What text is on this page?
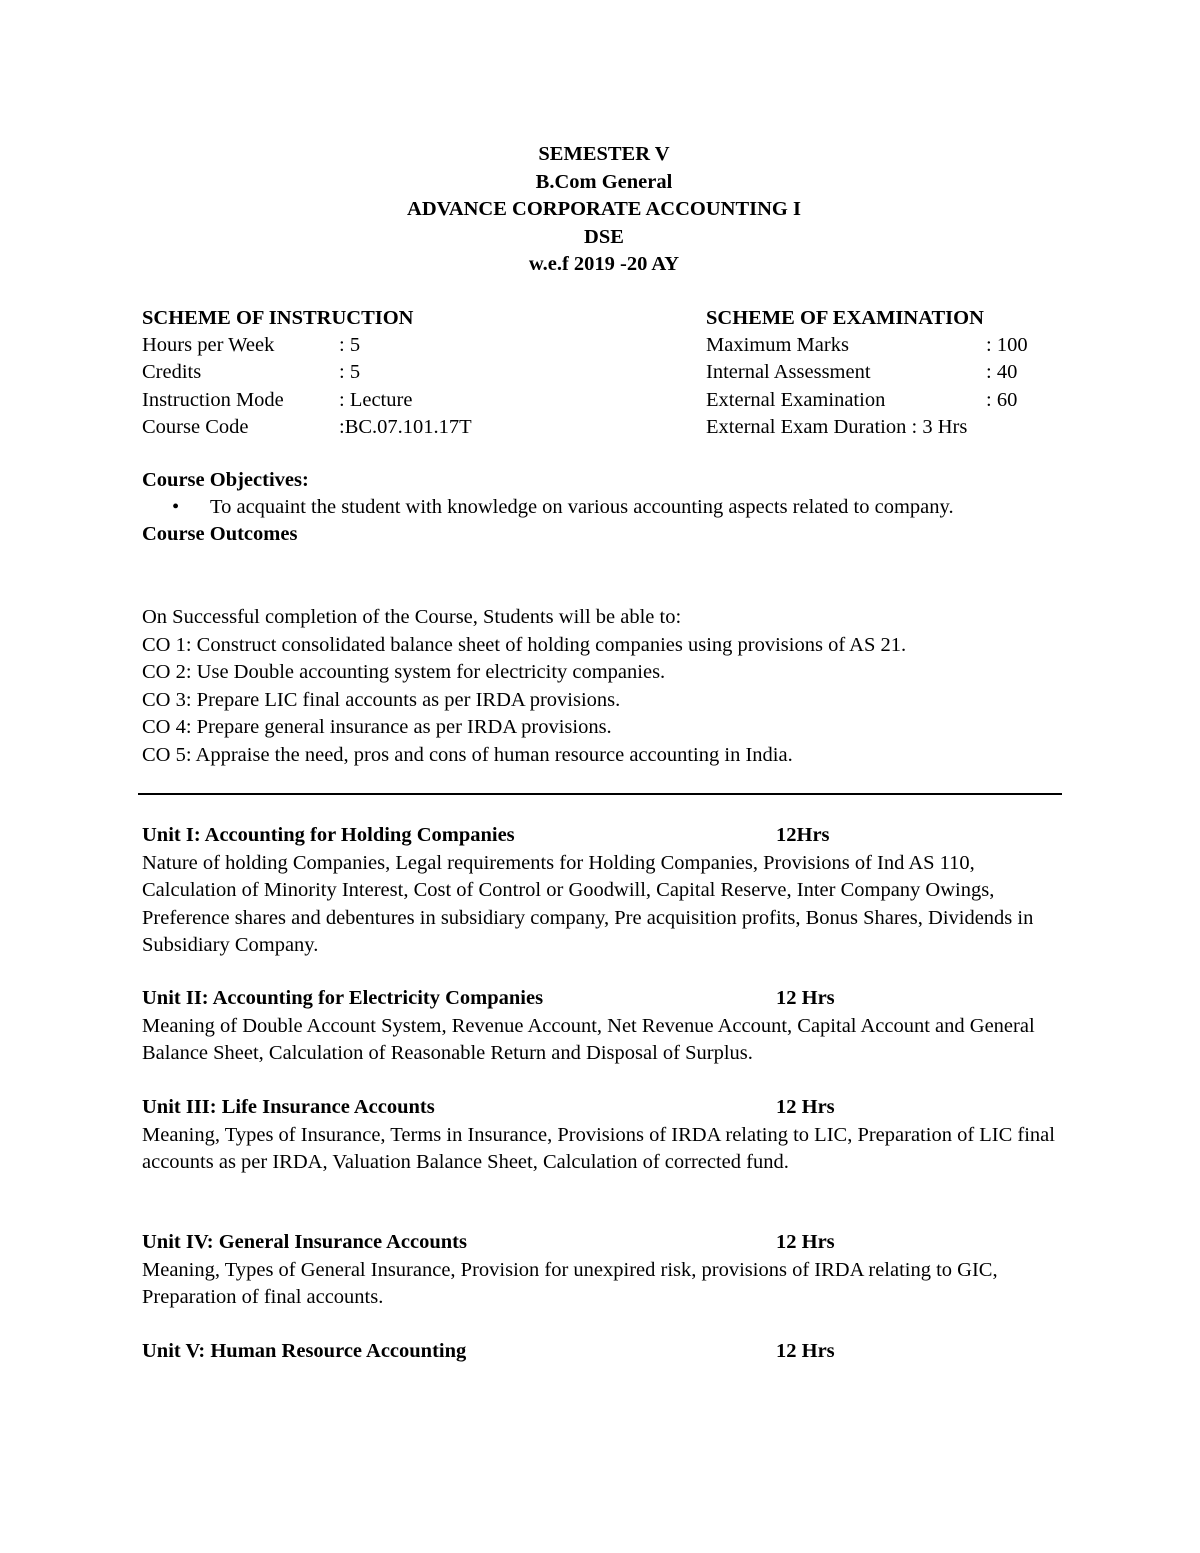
SEMESTER V
B.Com General
ADVANCE CORPORATE ACCOUNTING I
DSE
w.e.f 2019 -20 AY
SCHEME OF INSTRUCTION
Hours per Week	: 5
Credits	: 5
Instruction Mode	: Lecture
Course Code	:BC.07.101.17T
SCHEME OF EXAMINATION
Maximum Marks	: 100
Internal Assessment	: 40
External Examination	: 60
External Exam Duration : 3 Hrs
Course Objectives:
•	To acquaint the student with knowledge on various accounting aspects related to company.
Course Outcomes
On Successful completion of the Course, Students will be able to:
CO 1: Construct consolidated balance sheet of holding companies using provisions of AS 21.
CO 2: Use Double accounting system for electricity companies.
CO 3: Prepare LIC final accounts as per IRDA provisions.
CO 4: Prepare general insurance as per IRDA provisions.
CO 5: Appraise the need, pros and cons of human resource accounting in India.
Unit I: Accounting for Holding Companies	12Hrs
Nature of holding Companies, Legal requirements for Holding Companies, Provisions of Ind AS 110, Calculation of Minority Interest, Cost of Control or Goodwill, Capital Reserve, Inter Company Owings, Preference shares and debentures in subsidiary company, Pre acquisition profits, Bonus Shares, Dividends in Subsidiary Company.
Unit II: Accounting for Electricity Companies	12 Hrs
Meaning of Double Account System, Revenue Account, Net Revenue Account, Capital Account and General Balance Sheet, Calculation of Reasonable Return and Disposal of Surplus.
Unit III: Life Insurance Accounts	12 Hrs
Meaning, Types of Insurance, Terms in Insurance, Provisions of IRDA relating to LIC, Preparation of LIC final accounts as per IRDA, Valuation Balance Sheet, Calculation of corrected fund.
Unit IV: General Insurance Accounts	12 Hrs
Meaning, Types of General Insurance, Provision for unexpired risk, provisions of IRDA relating to GIC, Preparation of final accounts.
Unit V: Human Resource Accounting	12 Hrs
